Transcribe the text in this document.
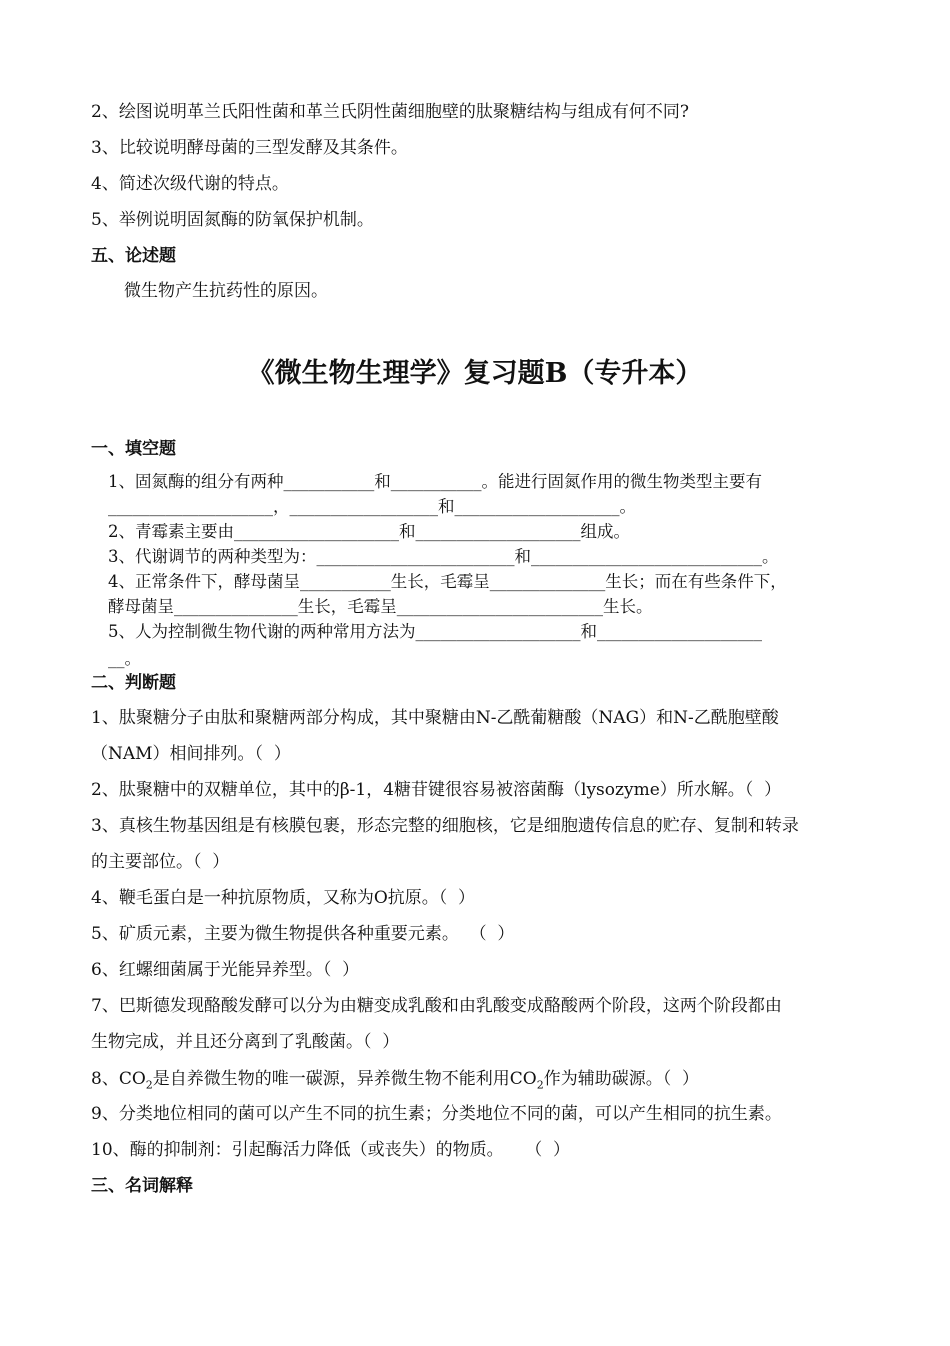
2、绘图说明革兰氏阳性菌和革兰氏阴性菌细胞壁的肽聚糖结构与组成有何不同?
3、比较说明酵母菌的三型发酵及其条件。
4、简述次级代谢的特点。
5、举例说明固氮酶的防氧保护机制。
五、论述题
微生物产生抗药性的原因。
《微生物生理学》复习题B（专升本）
一、填空题
1、固氮酶的组分有两种___________和___________。能进行固氮作用的微生物类型主要有
____________________，__________________和____________________。
2、青霉素主要由____________________和____________________组成。
3、代谢调节的两种类型为：________________________和____________________________。
4、正常条件下，酵母菌呈___________生长，毛霉呈______________生长；而在有些条件下，
酵母菌呈_______________生长，毛霉呈_________________________生长。
5、人为控制微生物代谢的两种常用方法为____________________和____________________
__。
二、判断题
1、肽聚糖分子由肽和聚糖两部分构成，其中聚糖由N-乙酰葡糖酸（NAG）和N-乙酰胞壁酸
（NAM）相间排列。（  ）
2、肽聚糖中的双糖单位，其中的β-1，4糖苷键很容易被溶菌酶（lysozyme）所水解。（  ）
3、真核生物基因组是有核膜包裹，形态完整的细胞核，它是细胞遗传信息的贮存、复制和转录
的主要部位。（  ）
4、鞭毛蛋白是一种抗原物质，又称为O抗原。（  ）
5、矿质元素，主要为微生物提供各种重要元素。  （  ）
6、红螺细菌属于光能异养型。（  ）
7、巴斯德发现酪酸发酵可以分为由糖变成乳酸和由乳酸变成酪酸两个阶段，这两个阶段都由
生物完成，并且还分离到了乳酸菌。（  ）
8、$CO_2$是自养微生物的唯一碳源，异养微生物不能利用$CO_2$作为辅助碳源。（  ）
9、分类地位相同的菌可以产生不同的抗生素；分类地位不同的菌，可以产生相同的抗生素。
10、酶的抑制剂：引起酶活力降低（或丧失）的物质。    （  ）
三、名词解释
